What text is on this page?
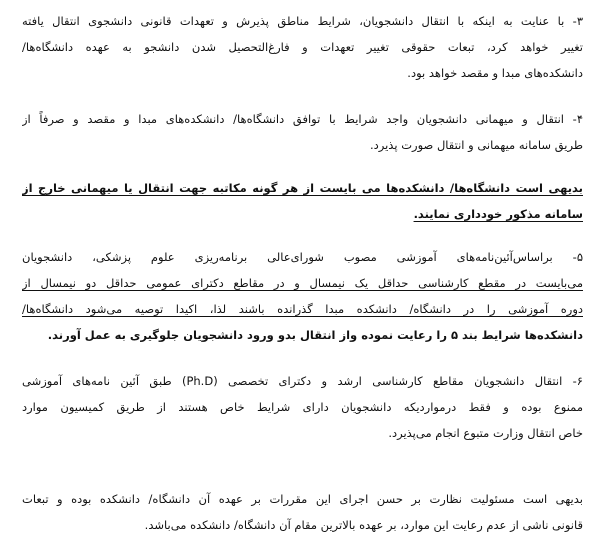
۳- با عنایت به اینکه با انتقال دانشجویان، شرایط مناطق پذیرش و تعهدات قانونی دانشجوی انتقال یافته
تغییر خواهد کرد، تبعات حقوقی تغییر تعهدات و فارغ‌التحصیل شدن دانشجو به عهده دانشگاه‌ها/
دانشکده‌های مبدا و مقصد خواهد بود.
۴- انتقال و میهمانی دانشجویان واجد شرایط با توافق دانشگاه‌ها/ دانشکده‌های مبدا و مقصد و صرفاً از
طریق سامانه میهمانی و انتقال صورت پذیرد.
بدیهی است دانشگاه‌ها/ دانشکده‌ها می بایست از هر گونه مکاتبه جهت انتقال یا میهمانی خارج از
سامانه مذکور خودداری نمایند.
۵- براساس‌آئین‌نامه‌های آموزشی مصوب شورای‌عالی برنامه‌ریزی علوم پزشکی، دانشجویان
می‌بایست در مقطع کارشناسی حداقل یک نیمسال و در مقاطع دکترای عمومی حداقل دو نیمسال از
دوره آموزشی را در دانشگاه/ دانشکده مبدا گذرانده باشند لذا، اکیدا توصیه می‌شود دانشگاه‌ها/
دانشکده‌ها شرایط بند ۵ را رعایت نموده واز انتقال بدو ورود دانشجویان جلوگیری به عمل آورند.
۶- انتقال دانشجویان مقاطع کارشناسی ارشد و دکترای تخصصی (Ph.D) طبق آئین نامه‌های آموزشی
ممنوع بوده و فقط درمواردیکه دانشجویان دارای شرایط خاص هستند از طریق کمیسیون موارد
خاص انتقال وزارت متبوع انجام می‌پذیرد.
بدیهی است مسئولیت نظارت بر حسن اجرای این مقررات بر عهده آن دانشگاه/ دانشکده بوده و تبعات
قانونی ناشی از عدم رعایت این موارد، بر عهده بالاترین مقام آن دانشگاه/ دانشکده می‌باشد.
